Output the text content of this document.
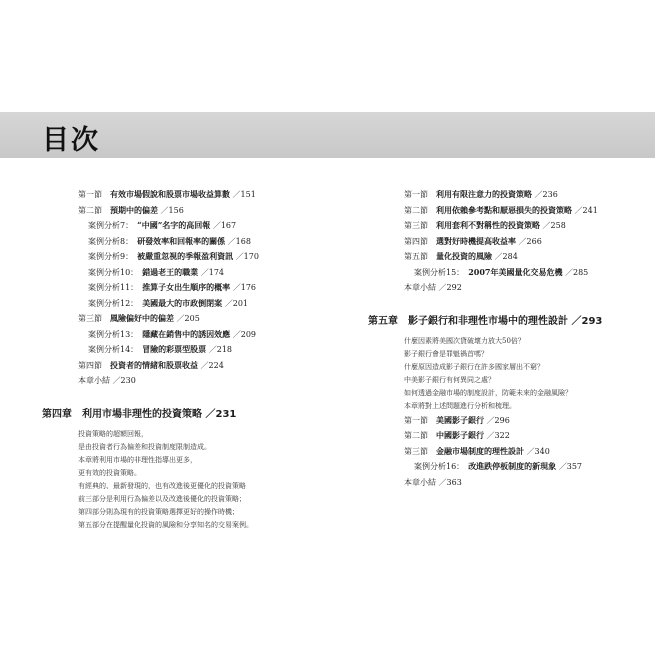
目次
第一節　 有效市場假說和股票市場收益算數 ／151
第二節　 預期中的偏差 ／156
案例分析7：　 “中國”名字的高回報 ／167
案例分析8：　 研發效率和回報率的關係 ／168
案例分析9：　 被嚴重忽視的季報盈利資訊 ／170
案例分析10：　 錯過老王的職業 ／174
案例分析11：　 推算子女出生順序的概率 ／176
案例分析12：　 美國最大的市政倒閉案 ／201
第三節　 風險偏好中的偏差 ／205
案例分析13：　 隱藏在銷售中的誘因效應 ／209
案例分析14：　 冒險的彩票型股票 ／218
第四節　 投資者的情緒和股票收益 ／224
本章小結 ／230
第四章　 利用市場非理性的投資策略 ／231
投資策略的超額回報，
是由投資者行為偏差和投資制度限制造成。
本章將利用市場的非理性指導出更多，
更有效的投資策略。
有經典的、最新發現的，也有改進後更優化的投資策略
前三部分是利用行為偏差以及改進後優化的投資策略；
第四部分則為現有的投資策略選擇更好的操作時機；
第五部分在提醒量化投資的風險和分享知名的交易案例。
第一節　 利用有限注意力的投資策略 ／236
第二節　 利用依賴參考點和厭惡損失的投資策略 ／241
第三節　 利用套利不對稱性的投資策略 ／258
第四節　 選對好時機提高收益率 ／266
第五節　 量化投資的風險 ／284
案例分析15：　 2007年美國量化交易危機 ／285
本章小結 ／292
第五章　 影子銀行和非理性市場中的理性設計 ／293
什麼因素將美國次貸破壞力放大50倍？
影子銀行會是罪魁禍首嗎？
什麼原因造成影子銀行在許多國家層出不窮？
中美影子銀行有何異同之處？
如何透過金融市場的制度設計，防範未來的金融風險？
本章將對上述問題進行分析和梳理。
第一節　 美國影子銀行 ／296
第二節　 中國影子銀行 ／322
第三節　 金融市場制度的理性設計 ／340
案例分析16：　 改進跌停板制度的新現象 ／357
本章小結 ／363
